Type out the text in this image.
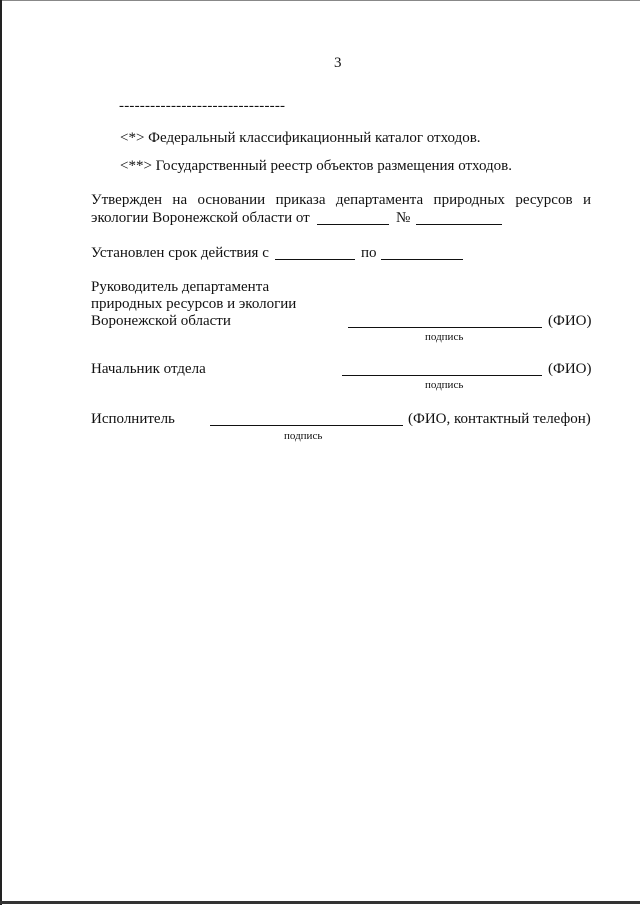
3
--------------------------------
<*> Федеральный классификационный каталог отходов.
<**> Государственный реестр объектов размещения отходов.
Утвержден на основании приказа департамента природных ресурсов и
экологии Воронежской области от	№
Установлен срок действия с	по
Руководитель департамента
природных ресурсов и экологии
Воронежской области	(ФИО)
подпись
Начальник отдела	(ФИО)
подпись
Исполнитель	(ФИО, контактный телефон)
подпись
